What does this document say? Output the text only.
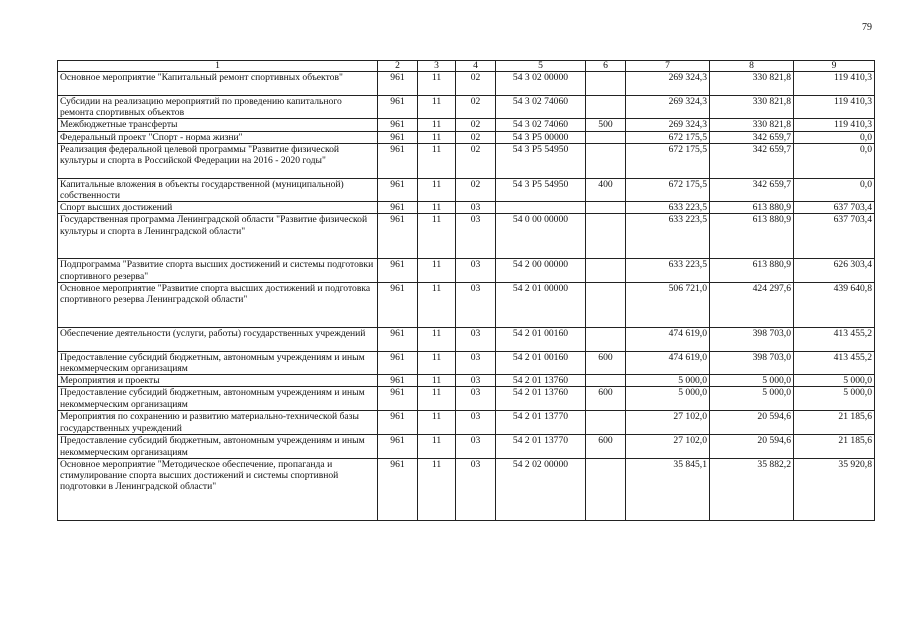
79
1	2	3	4	5	6	7	8	9
Основное мероприятие "Капитальный ремонт спортивных объектов"	961	11	02	54 3 02 00000		269 324,3	330 821,8	119 410,3
Субсидии на реализацию мероприятий по проведению капитального ремонта спортивных объектов	961	11	02	54 3 02 74060		269 324,3	330 821,8	119 410,3
Межбюджетные трансферты	961	11	02	54 3 02 74060	500	269 324,3	330 821,8	119 410,3
Федеральный проект "Спорт - норма жизни"	961	11	02	54 3 P5 00000		672 175,5	342 659,7	0,0
Реализация федеральной целевой программы "Развитие физической культуры и спорта в Российской Федерации на 2016 - 2020 годы"	961	11	02	54 3 P5 54950		672 175,5	342 659,7	0,0
Капитальные вложения в объекты государственной (муниципальной) собственности	961	11	02	54 3 P5 54950	400	672 175,5	342 659,7	0,0
Спорт высших достижений	961	11	03			633 223,5	613 880,9	637 703,4
Государственная программа Ленинградской области "Развитие физической культуры и спорта в Ленинградской области"	961	11	03	54 0 00 00000		633 223,5	613 880,9	637 703,4
Подпрограмма "Развитие спорта высших достижений и системы подготовки спортивного резерва"	961	11	03	54 2 00 00000		633 223,5	613 880,9	626 303,4
Основное мероприятие "Развитие спорта высших достижений и подготовка спортивного резерва Ленинградской области"	961	11	03	54 2 01 00000		506 721,0	424 297,6	439 640,8
Обеспечение деятельности (услуги, работы) государственных учреждений	961	11	03	54 2 01 00160		474 619,0	398 703,0	413 455,2
Предоставление субсидий бюджетным, автономным учреждениям и иным некоммерческим организациям	961	11	03	54 2 01 00160	600	474 619,0	398 703,0	413 455,2
Мероприятия и проекты	961	11	03	54 2 01 13760		5 000,0	5 000,0	5 000,0
Предоставление субсидий бюджетным, автономным учреждениям и иным некоммерческим организациям	961	11	03	54 2 01 13760	600	5 000,0	5 000,0	5 000,0
Мероприятия по сохранению и развитию материально-технической базы государственных учреждений	961	11	03	54 2 01 13770		27 102,0	20 594,6	21 185,6
Предоставление субсидий бюджетным, автономным учреждениям и иным некоммерческим организациям	961	11	03	54 2 01 13770	600	27 102,0	20 594,6	21 185,6
Основное мероприятие "Методическое обеспечение, пропаганда и стимулирование спорта высших достижений и системы спортивной подготовки в Ленинградской области"	961	11	03	54 2 02 00000		35 845,1	35 882,2	35 920,8
